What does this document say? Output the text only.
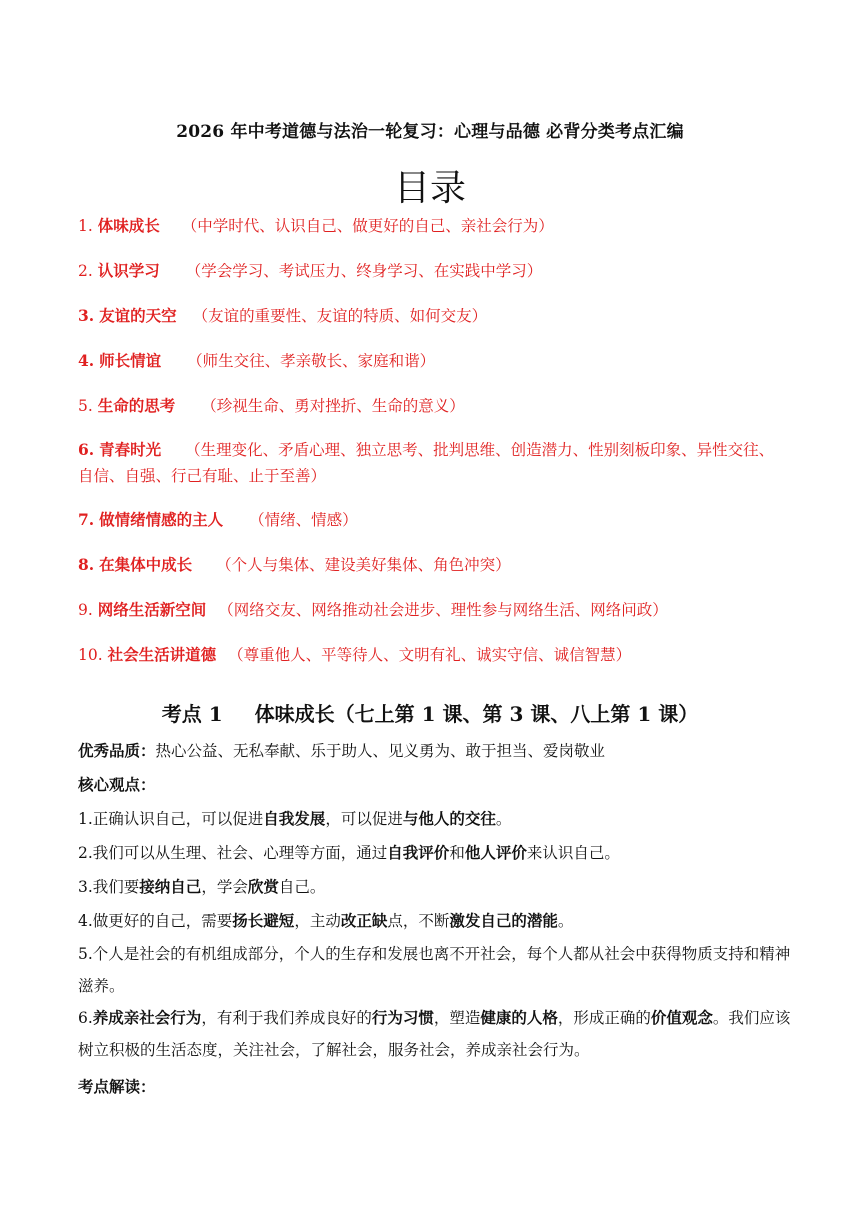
2026 年中考道德与法治一轮复习：心理与品德 必背分类考点汇编
目录
1. 体味成长 （中学时代、认识自己、做更好的自己、亲社会行为）
2. 认识学习 （学会学习、考试压力、终身学习、在实践中学习）
3. 友谊的天空 （友谊的重要性、友谊的特质、如何交友）
4. 师长情谊 （师生交往、孝亲敬长、家庭和谐）
5. 生命的思考 （珍视生命、勇对挫折、生命的意义）
6. 青春时光 （生理变化、矛盾心理、独立思考、批判思维、创造潜力、性别刻板印象、异性交往、自信、自强、行己有耻、止于至善）
7. 做情绪情感的主人 （情绪、情感）
8. 在集体中成长 （个人与集体、建设美好集体、角色冲突）
9. 网络生活新空间 （网络交友、网络推动社会进步、理性参与网络生活、网络问政）
10. 社会生活讲道德 （尊重他人、平等待人、文明有礼、诚实守信、诚信智慧）
考点 1 体味成长（七上第 1 课、第 3 课、八上第 1 课）
优秀品质：热心公益、无私奉献、乐于助人、见义勇为、敢于担当、爱岗敬业
核心观点：
1.正确认识自己，可以促进自我发展，可以促进与他人的交往。
2.我们可以从生理、社会、心理等方面，通过自我评价和他人评价来认识自己。
3.我们要接纳自己，学会欣赏自己。
4.做更好的自己，需要扬长避短，主动改正缺点，不断激发自己的潜能。
5.个人是社会的有机组成部分，个人的生存和发展也离不开社会，每个人都从社会中获得物质支持和精神滋养。
6.养成亲社会行为，有利于我们养成良好的行为习惯，塑造健康的人格，形成正确的价值观念。我们应该树立积极的生活态度，关注社会，了解社会，服务社会，养成亲社会行为。
考点解读：
